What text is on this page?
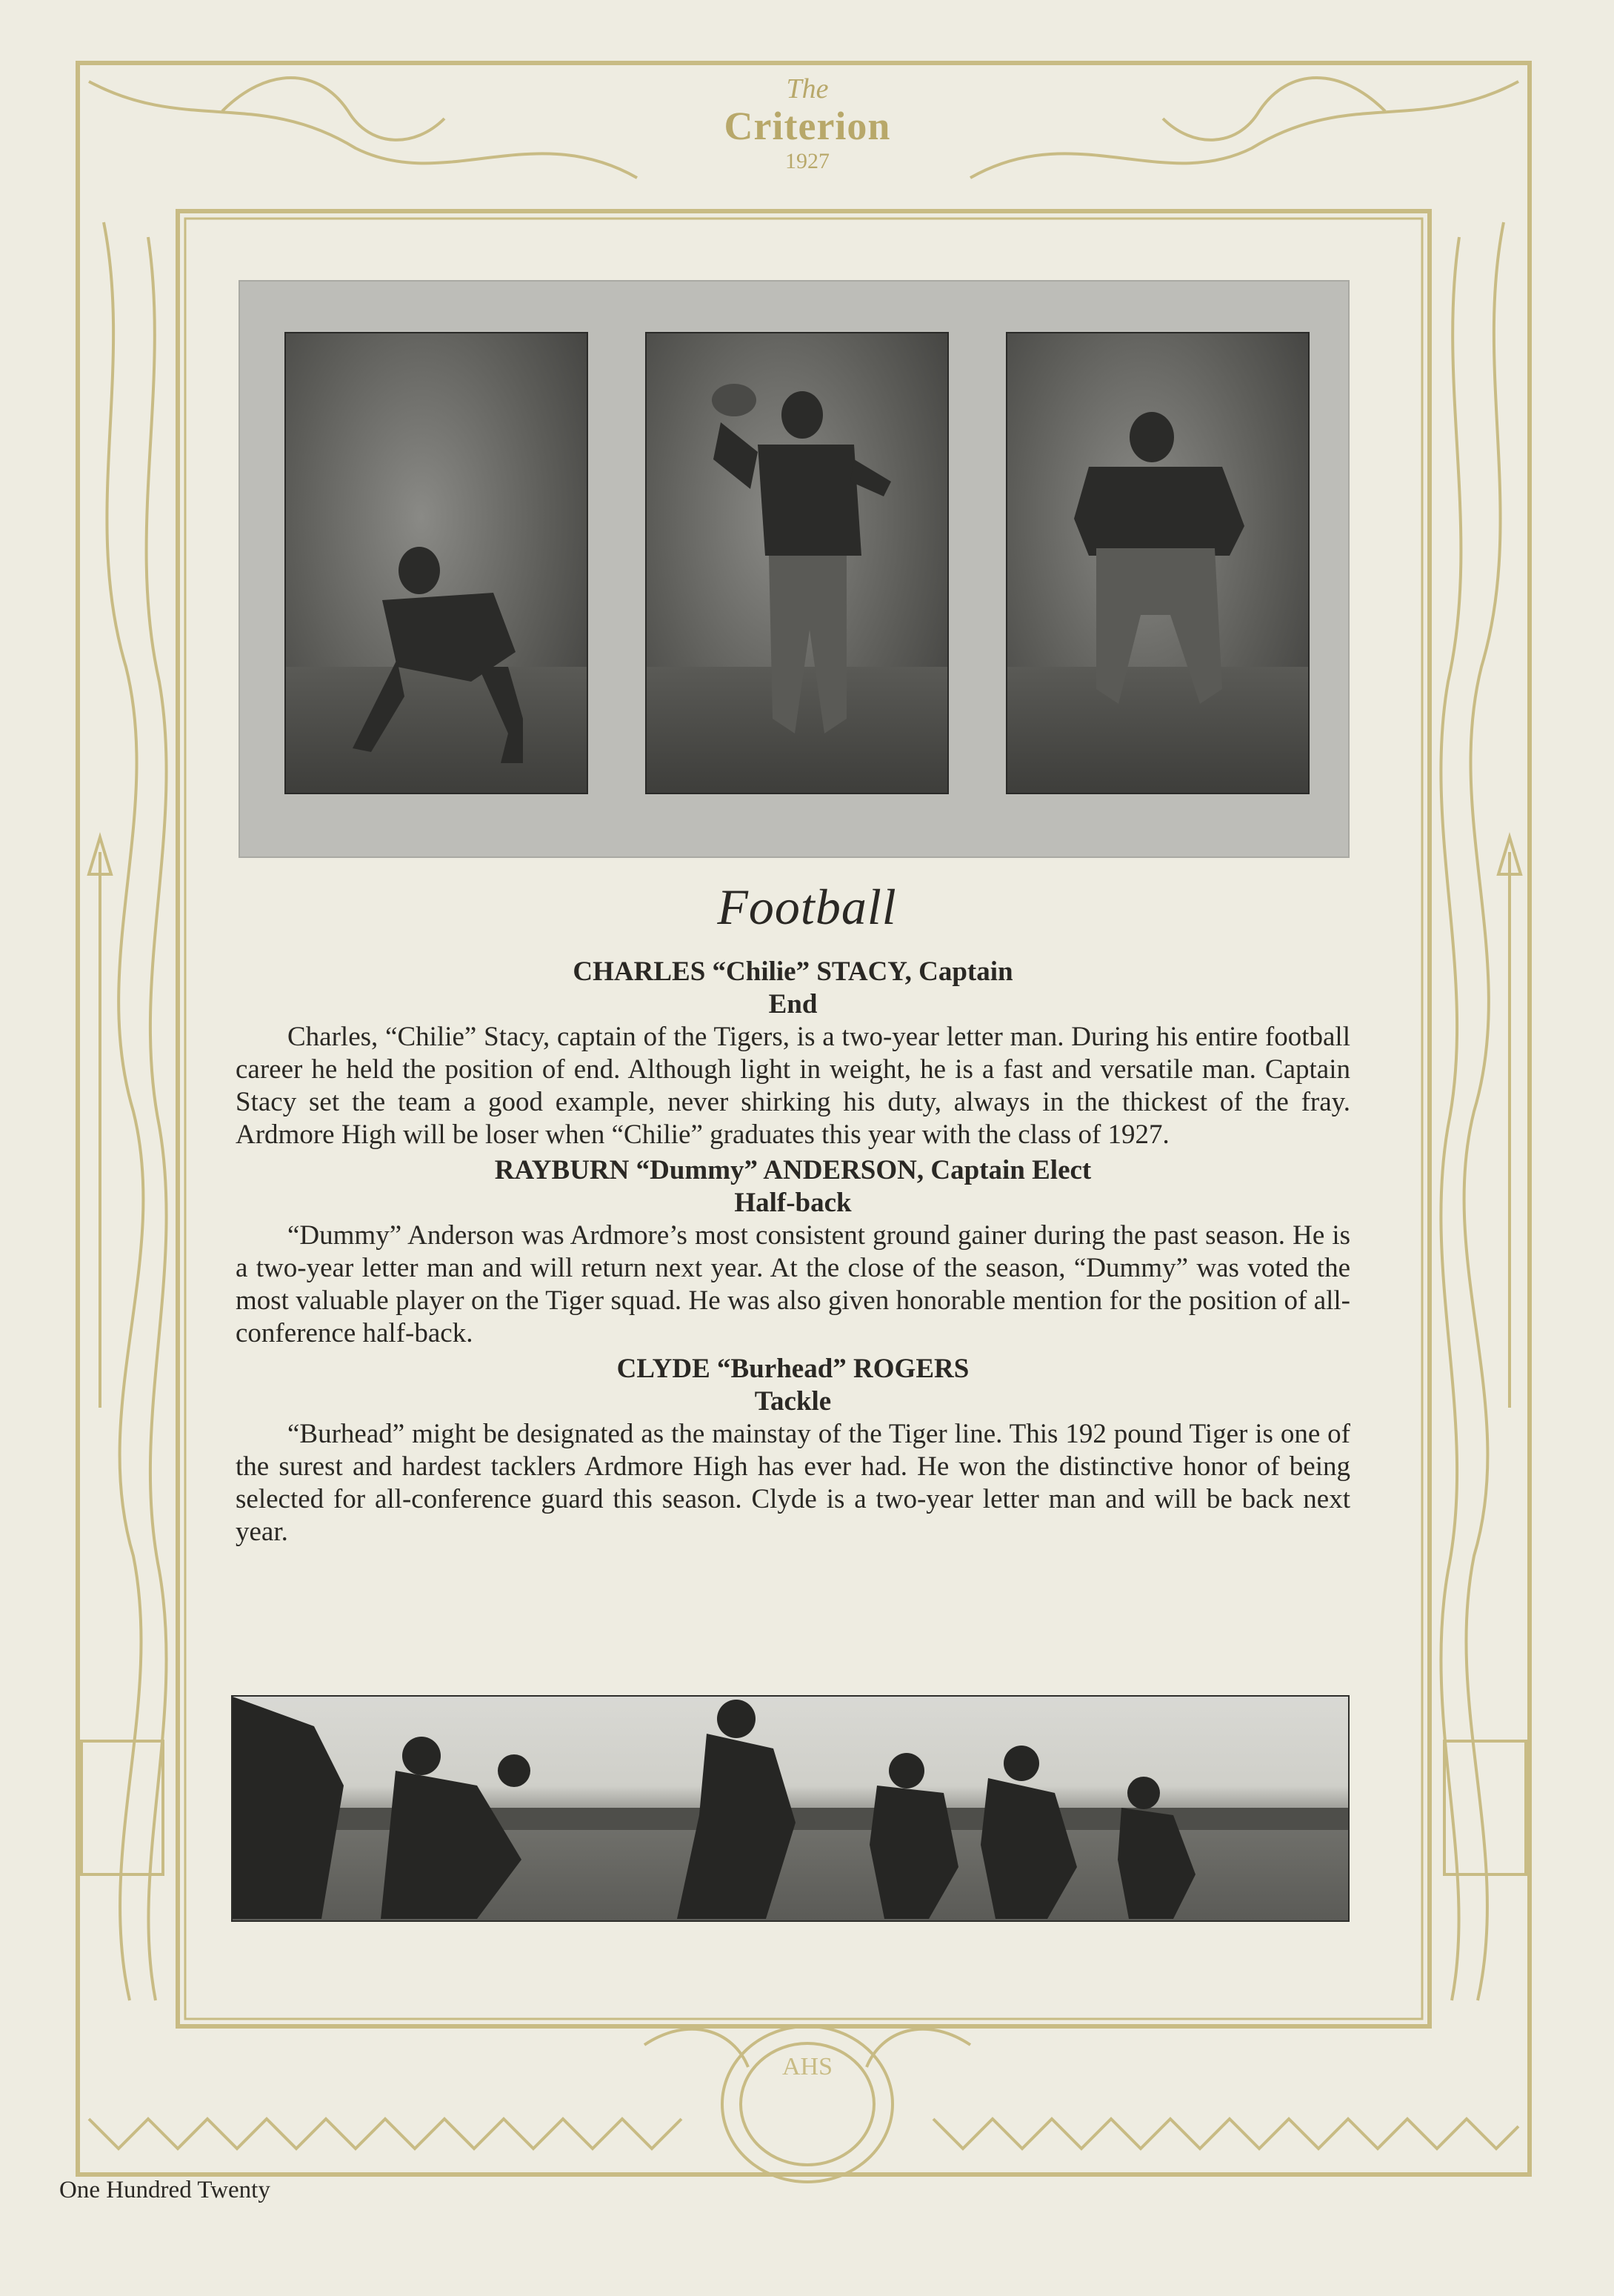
AHS
The
Criterion
1927
Football

CHARLES “Chilie” STACY, Captain

End

Charles, “Chilie” Stacy, captain of the Tigers, is a two-year letter man. During his entire football career he held the position of end. Although light in weight, he is a fast and versatile man. Captain Stacy set the team a good example, never shirking his duty, always in the thickest of the fray. Ardmore High will be loser when “Chilie” graduates this year with the class of 1927.

RAYBURN “Dummy” ANDERSON, Captain Elect

Half-back

“Dummy” Anderson was Ardmore’s most consistent ground gainer during the past season. He is a two-year letter man and will return next year. At the close of the season, “Dummy” was voted the most valuable player on the Tiger squad. He was also given honorable mention for the position of all-conference half-back.

CLYDE “Burhead” ROGERS

Tackle

“Burhead” might be designated as the mainstay of the Tiger line. This 192 pound Tiger is one of the surest and hardest tacklers Ardmore High has ever had. He won the distinctive honor of being selected for all-conference guard this season. Clyde is a two-year letter man and will be back next year.

One Hundred Twenty
